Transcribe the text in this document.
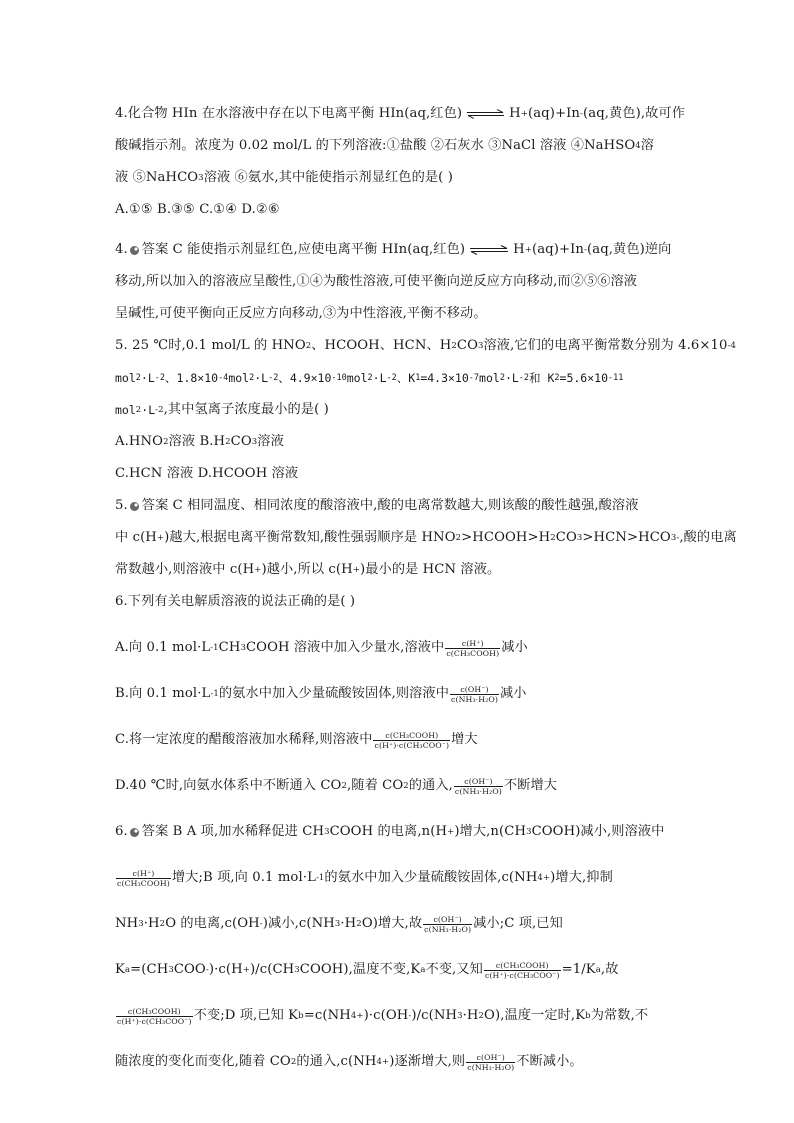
4.化合物 HIn 在水溶液中存在以下电离平衡 HIn(aq,红色) ⇌ H + (aq)+In - (aq,黄色),故可作
酸碱指示剂。浓度为 0.02 mol/L 的下列溶液:①盐酸 ②石灰水 ③NaCl 溶液 ④NaHSO 4 溶
液 ⑤NaHCO 3 溶液 ⑥氨水,其中能使指示剂显红色的是( )
A.①⑤ B.③⑤ C.①④ D.②⑥
4. 答案 C 能使指示剂显红色,应使电离平衡 HIn(aq,红色) ⇌ H + (aq)+In - (aq,黄色)逆向
移动,所以加入的溶液应呈酸性,①④为酸性溶液,可使平衡向逆反应方向移动,而②⑤⑥溶液
呈碱性,可使平衡向正反应方向移动,③为中性溶液,平衡不移动。
5. 25 ℃时,0.1 mol/L 的 HNO 2 、HCOOH、HCN、H 2 CO 3 溶液,它们的电离平衡常数分别为 4.6×10 -4
mol 2 ·L -2 、1.8×10 -4 mol 2 ·L -2 、4.9×10 -10 mol 2 ·L -2 、K 1 =4.3×10 -7 mol 2 ·L -2 和 K 2 =5.6×10 -11
mol 2 ·L -2 ,其中氢离子浓度最小的是( )
A.HNO 2 溶液 B.H 2 CO 3 溶液
C.HCN 溶液 D.HCOOH 溶液
5. 答案 C 相同温度、相同浓度的酸溶液中,酸的电离常数越大,则该酸的酸性越强,酸溶液
中 c(H + )越大,根据电离平衡常数知,酸性强弱顺序是 HNO 2 >HCOOH>H 2 CO 3 >HCN>HCO 3 - ,酸的电离
常数越小,则溶液中 c(H + )越小,所以 c(H + )最小的是 HCN 溶液。
6.下列有关电解质溶液的说法正确的是( )
A.向 0.1 mol·L -1 CH 3 COOH 溶液中加入少量水,溶液中 $\frac{c(H^+)}{\text{c(CH₃COOH)}}$ 减小
B.向 0.1 mol·L -1 的氨水中加入少量硫酸铵固体,则溶液中 $\frac{c(OH^-)}{\text{c(NH₃·H₂O)}}$ 减小
C.将一定浓度的醋酸溶液加水稀释,则溶液中 $\frac{\text{c(CH₃COOH)}}{\text{c(H⁺)·c(CH₃COO⁻)}}$ 增大
D.40 ℃时,向氨水体系中不断通入 CO 2 ,随着 CO 2 的通入, $\frac{c(OH^-)}{\text{c(NH₃·H₂O)}}$ 不断增大
6. 答案 B A 项,加水稀释促进 CH 3 COOH 的电离,n(H + )增大,n(CH 3 COOH)减小,则溶液中
$\frac{c(H^+)}{\text{c(CH₃COOH)}}$ 增大;B 项,向 0.1 mol·L -1 的氨水中加入少量硫酸铵固体,c(NH 4 + )增大,抑制
NH 3 ·H 2 O 的电离,c(OH - )减小,c(NH 3 ·H 2 O)增大,故 $\frac{c(OH^-)}{\text{c(NH₃·H₂O)}}$ 减小;C 项,已知
K a =(CH 3 COO - )·c(H + )/c(CH 3 COOH),温度不变,K a 不变,又知 $\frac{\text{c(CH₃COOH)}}{\text{c(H⁺)·c(CH₃COO⁻)}} =1/K$ a ,故
$\frac{\text{c(CH₃COOH)}}{\text{c(H⁺)·c(CH₃COO⁻)}}$ 不变;D 项,已知 K b =c(NH 4 + )·c(OH - )/c(NH 3 ·H 2 O),温度一定时,K b 为常数,不
随浓度的变化而变化,随着 CO 2 的通入,c(NH 4 + )逐渐增大,则 $\frac{c(OH^-)}{\text{c(NH₃·H₂O)}}$ 不断减小。
